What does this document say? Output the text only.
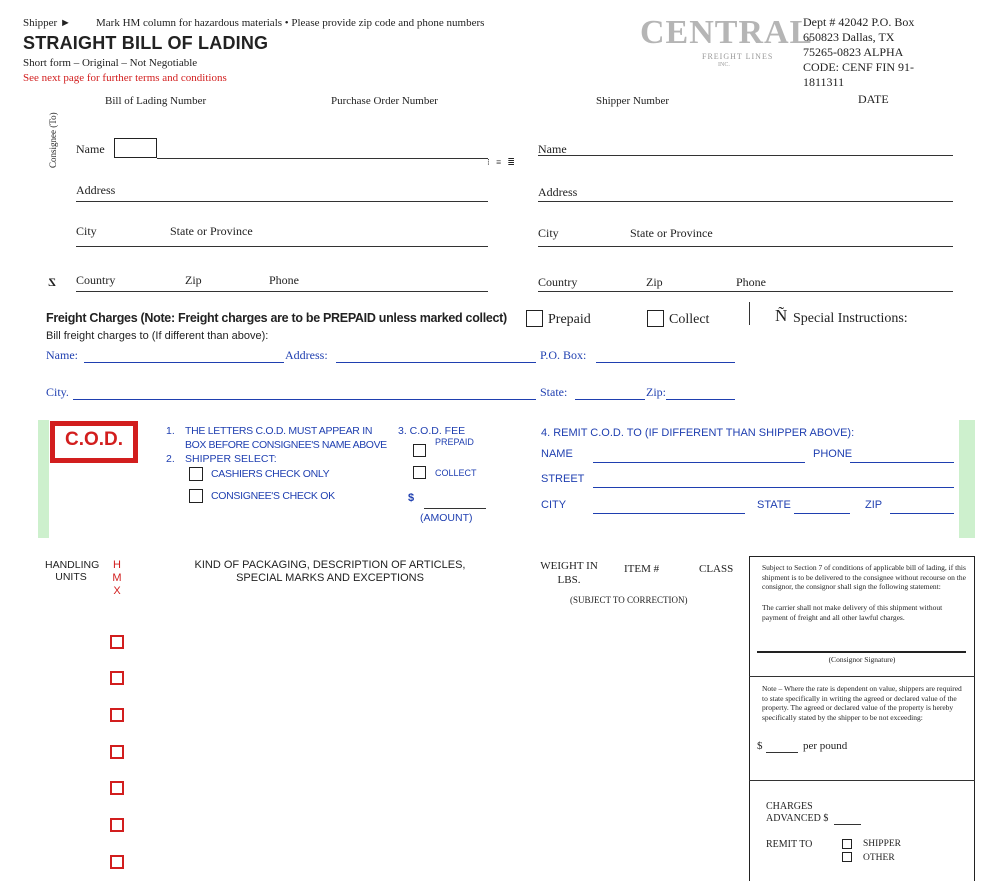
Shipper ► Mark HM column for hazardous materials • Please provide zip code and phone numbers
STRAIGHT BILL OF LADING
Short form – Original – Not Negotiable
See next page for further terms and conditions
CENTRAL
FREIGHT LINES
INC.
Dept # 42042 P.O. Box
650823 Dallas, TX
75265-0823 ALPHA
CODE: CENF FIN 91-
1811311
DATE
Bill of Lading Number	Purchase Order Number	Shipper Number
Consignee (To) Name
⁝ ≡ ≣
Address
City	State or Province
Z Country	Zip	Phone
Name
Address
City	State or Province
Country	Zip	Phone
Freight Charges (Note: Freight charges are to be PREPAID unless marked collect)	Prepaid	Collect	Ñ Special Instructions:
Bill freight charges to (If different than above):
Name:	Address:	P.O. Box:
City.	State:	Zip:
C.O.D.	1. THE LETTERS C.O.D. MUST APPEAR IN
BOX BEFORE CONSIGNEE'S NAME ABOVE
2. SHIPPER SELECT:
CASHIERS CHECK ONLY
CONSIGNEE'S CHECK OK
3. C.O.D. FEE
PREPAID
COLLECT
$
(AMOUNT)
4. REMIT C.O.D. TO (IF DIFFERENT THAN SHIPPER ABOVE):
NAME	PHONE
STREET
CITY	STATE	ZIP
HANDLING
UNITS
H
M
X
KIND OF PACKAGING, DESCRIPTION OF ARTICLES,
SPECIAL MARKS AND EXCEPTIONS
WEIGHT IN
LBS.
ITEM #	CLASS
(SUBJECT TO CORRECTION)
Subject to Section 7 of conditions of applicable bill of lading, if this shipment is to be delivered to the consignee without recourse on the consignor, the consignor shall sign the following statement:
The carrier shall not make delivery of this shipment without payment of freight and all other lawful charges.
(Consignor Signature)
Note – Where the rate is dependent on value, shippers are required to state specifically in writing the agreed or declared value of the property. The agreed or declared value of the property is hereby specifically stated by the shipper to be not exceeding:
$	per pound
CHARGES
ADVANCED $
REMIT TO	SHIPPER
OTHER
